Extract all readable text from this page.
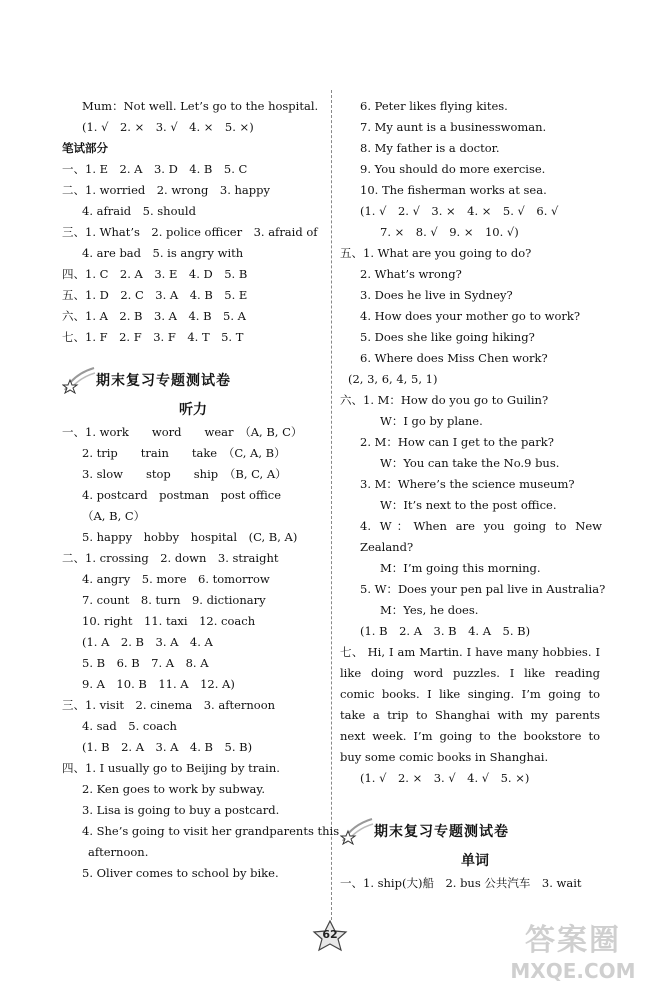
Mum：Not well. Let’s go to the hospital.
(1. √　2. ×　3. √　4. ×　5. ×)
笔试部分
一、1. E　2. A　3. D　4. B　5. C
二、1. worried　2. wrong　3. happy
4. afraid　5. should
三、1. What’s　2. police officer　3. afraid of
4. are bad　5. is angry with
四、1. C　2. A　3. E　4. D　5. B
五、1. D　2. C　3. A　4. B　5. E
六、1. A　2. B　3. A　4. B　5. A
七、1. F　2. F　3. F　4. T　5. T
期末复习专题测试卷
听力
一、1. work　　word　　wear　（A, B, C）
2. trip　　train　　take　（C, A, B）
3. slow　　stop　　ship　（B, C, A）
4. postcard　postman　post office
（A, B, C）
5. happy　hobby　hospital　(C, B, A)
二、1. crossing　2. down　3. straight
4. angry　5. more　6. tomorrow
7. count　8. turn　9. dictionary
10. right　11. taxi　12. coach
(1. A　2. B　3. A　4. A
5. B　6. B　7. A　8. A
9. A　10. B　11. A　12. A)
三、1. visit　2. cinema　3. afternoon
4. sad　5. coach
(1. B　2. A　3. A　4. B　5. B)
四、1. I usually go to Beijing by train.
2. Ken goes to work by subway.
3. Lisa is going to buy a postcard.
4. She’s going to visit her grandparents this
afternoon.
5. Oliver comes to school by bike.
6. Peter likes flying kites.
7. My aunt is a businesswoman.
8. My father is a doctor.
9. You should do more exercise.
10. The fisherman works at sea.
(1. √　2. √　3. ×　4. ×　5. √　6. √
7. ×　8. √　9. ×　10. √)
五、1. What are you going to do?
2. What’s wrong?
3. Does he live in Sydney?
4. How does your mother go to work?
5. Does she like going hiking?
6. Where does Miss Chen work?
(2, 3, 6, 4, 5, 1)
六、1. M：How do you go to Guilin?
W：I go by plane.
2. M：How can I get to the park?
W：You can take the No.9 bus.
3. M：Where’s the science museum?
W：It’s next to the post office.
4. W：When are you going to New Zealand?
M：I’m going this morning.
5. W：Does your pen pal live in Australia?
M：Yes, he does.
(1. B　2. A　3. B　4. A　5. B)
七、 Hi, I am Martin. I have many hobbies. I like doing word puzzles. I like reading comic books. I like singing. I’m going to take a trip to Shanghai with my parents next week. I’m going to the bookstore to buy some comic books in Shanghai.
(1. √　2. ×　3. √　4. √　5. ×)
期末复习专题测试卷
单词
一、1. ship(大)船　2. bus 公共汽车　3. wait
62	答案圈
MXQE.COM
